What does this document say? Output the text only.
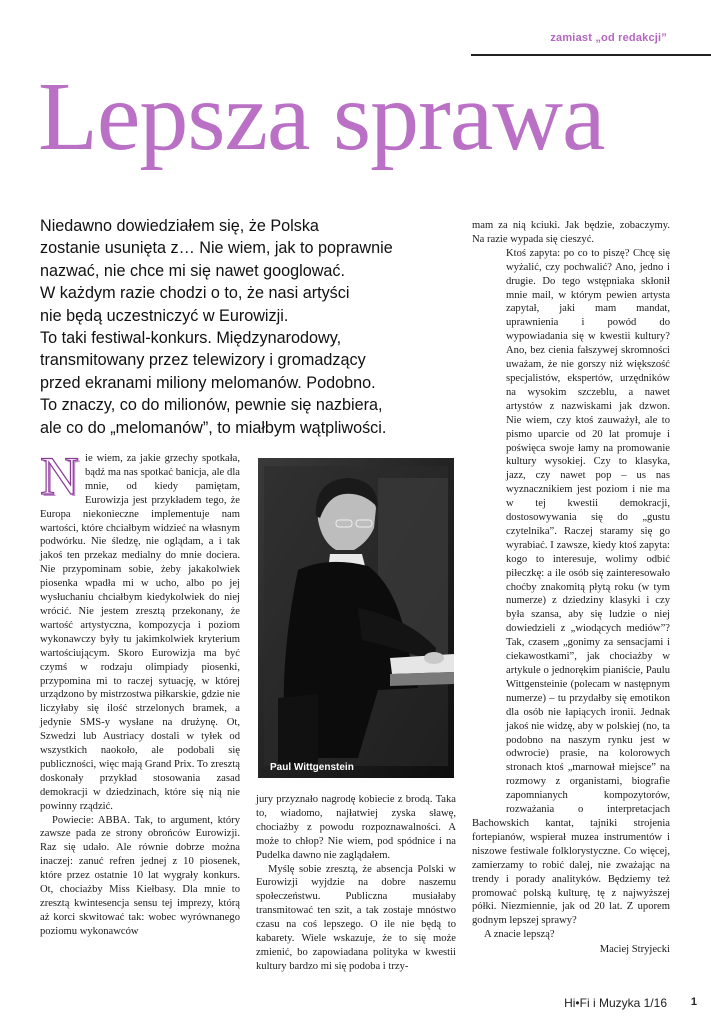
zamiast „od redakcji”
Lepsza sprawa
Niedawno dowiedziałem się, że Polska
zostanie usunięta z… Nie wiem, jak to poprawnie
nazwać, nie chce mi się nawet googlować.
W każdym razie chodzi o to, że nasi artyści
nie będą uczestniczyć w Eurowizji.
To taki festiwal-konkurs. Międzynarodowy,
transmitowany przez telewizory i gromadzący
przed ekranami miliony melomanów. Podobno.
To znaczy, co do milionów, pewnie się nazbiera,
ale co do „melomanów”, to miałbym wątpliwości.

Nie wiem, za jakie grzechy spotkała, bądź ma nas spotkać banicja, ale dla mnie, od kiedy pamiętam, Eurowizja jest przykładem tego, że Europa niekonieczne implementuje nam wartości, które chciałbym widzieć na własnym podwórku. Nie śledzę, nie oglądam, a i tak jakoś ten przekaz medialny do mnie dociera. Nie przypominam sobie, żeby jakakolwiek piosenka wpadła mi w ucho, albo po jej wysłuchaniu chciałbym kiedykolwiek do niej wrócić. Nie jestem zresztą przekonany, że wartość artystyczna, kompozycja i poziom wykonawczy były tu jakimkolwiek kryterium wartościującym. Skoro Eurowizja ma być czymś w rodzaju olimpiady piosenki, przypomina mi to raczej sytuację, w której urządzono by mistrzostwa piłkarskie, gdzie nie liczyłaby się ilość strzelonych bramek, a jedynie SMS-y wysłane na drużynę. Ot, Szwedzi lub Austriacy dostali w tyłek od wszystkich naokoło, ale podobali się publiczności, więc mają Grand Prix. To zresztą doskonały przykład stosowania zasad demokracji w dziedzinach, które się nią nie powinny rządzić.

Powiecie: ABBA. Tak, to argument, który zawsze pada ze strony obrońców Eurowizji. Raz się udało. Ale równie dobrze można inaczej: zanuć refren jednej z 10 piosenek, które przez ostatnie 10 lat wygrały konkurs. Ot, chociażby Miss Kiełbasy. Dla mnie to zresztą kwintesencja sensu tej imprezy, którą aż korci skwitować tak: wobec wyrównanego poziomu wykonawców

Paul Wittgenstein

jury przyznało nagrodę kobiecie z brodą. Taka to, wiadomo, najłatwiej zyska sławę, chociażby z powodu rozpoznawalności. A może to chłop? Nie wiem, pod spódnice i na Pudelka dawno nie zaglądałem.

Myślę sobie zresztą, że absencja Polski w Eurowizji wyjdzie na dobre naszemu społeczeństwu. Publiczna musiałaby transmitować ten szit, a tak zostaje mnóstwo czasu na coś lepszego. O ile nie będą to kabarety. Wiele wskazuje, że to się może zmienić, bo zapowiadana polityka w kwestii kultury bardzo mi się podoba i trzy-

mam za nią kciuki. Jak będzie, zobaczymy. Na razie wypada się cieszyć.

Ktoś zapyta: po co to piszę? Chcę się wyżalić, czy pochwalić? Ano, jedno i drugie. Do tego wstępniaka skłonił mnie mail, w którym pewien artysta zapytał, jaki mam mandat, uprawnienia i powód do wypowiadania się w kwestii kultury? Ano, bez cienia fałszywej skromności uważam, że nie gorszy niż większość specjalistów, ekspertów, urzędników na wysokim szczeblu, a nawet artystów z nazwiskami jak dzwon. Nie wiem, czy ktoś zauważył, ale to pismo uparcie od 20 lat promuje i poświęca swoje łamy na promowanie kultury wysokiej. Czy to klasyka, jazz, czy nawet pop – us nas wyznacznikiem jest poziom i nie ma w tej kwestii demokracji, dostosowywania się do „gustu czytelnika”. Raczej staramy się go wyrabiać. I zawsze, kiedy ktoś zapyta: kogo to interesuje, wolimy odbić piłeczkę: a ile osób się zainteresowało choćby znakomitą płytą roku (w tym numerze) z dziedziny klasyki i czy była szansa, aby się ludzie o niej dowiedzieli z „wiodących mediów”? Tak, czasem „gonimy za sensacjami i ciekawostkami”, jak chociażby w artykule o jednorękim pianiście, Paulu Wittgensteinie (polecam w następnym numerze) – tu przydałby się emotikon dla osób nie łapiących ironii. Jednak jakoś nie widzę, aby w polskiej (no, ta podobno na naszym rynku jest w odwrocie) prasie, na kolorowych stronach ktoś „marnował miejsce” na rozmowy z organistami, biografie zapomnianych kompozytorów, rozważania o interpretacjach Bachowskich kantat, tajniki strojenia fortepianów, wspierał muzea instrumentów i niszowe festiwale folklorystyczne. Co więcej, zamierzamy to robić dalej, nie zważając na trendy i porady analityków. Będziemy też promować polską kulturę, tę z najwyższej półki. Niezmiennie, jak od 20 lat. Z uporem godnym lepszej sprawy?

A znacie lepszą?

Maciej Stryjecki

Hi•Fi i Muzyka 1/16 1
